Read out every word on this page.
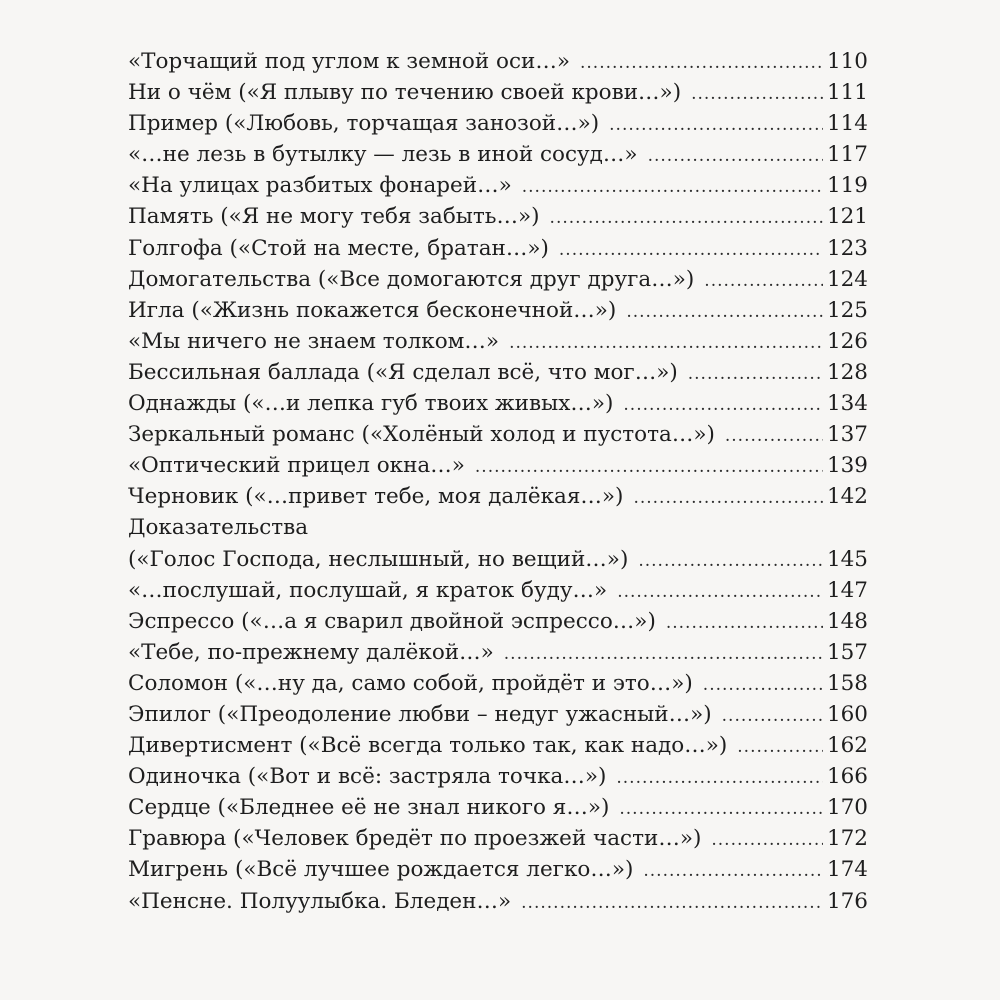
«Торчащий под углом к земной оси…» .....	110
Ни о чём («Я плыву по течению своей крови…») .....	111
Пример («Любовь, торчащая занозой…») .....	114
«…не лезь в бутылку — лезь в иной сосуд…» .....	117
«На улицах разбитых фонарей…» .....	119
Память («Я не могу тебя забыть…») .....	121
Голгофа («Стой на месте, братан…») .....	123
Домогательства («Все домогаются друг друга…») .....	124
Игла («Жизнь покажется бесконечной…») .....	125
«Мы ничего не знаем толком…» .....	126
Бессильная баллада («Я сделал всё, что мог…») .....	128
Однажды («…и лепка губ твоих живых…») .....	134
Зеркальный романс («Холёный холод и пустота…») .....	137
«Оптический прицел окна…» .....	139
Черновик («…привет тебе, моя далёкая…») .....	142
Доказательства
(«Голос Господа, неслышный, но вещий…») .....	145
«…послушай, послушай, я краток буду…» .....	147
Эспрессо («…а я сварил двойной эспрессо…») .....	148
«Тебе, по-прежнему далёкой…» .....	157
Соломон («…ну да, само собой, пройдёт и это…») .....	158
Эпилог («Преодоление любви – недуг ужасный…») .....	160
Дивертисмент («Всё всегда только так, как надо…») .....	162
Одиночка («Вот и всё: застряла точка…») .....	166
Сердце («Бледнее её не знал никого я…») .....	170
Гравюра («Человек бредёт по проезжей части…») .....	172
Мигрень («Всё лучшее рождается легко…») .....	174
«Пенсне. Полуулыбка. Бледен…» .....	176
